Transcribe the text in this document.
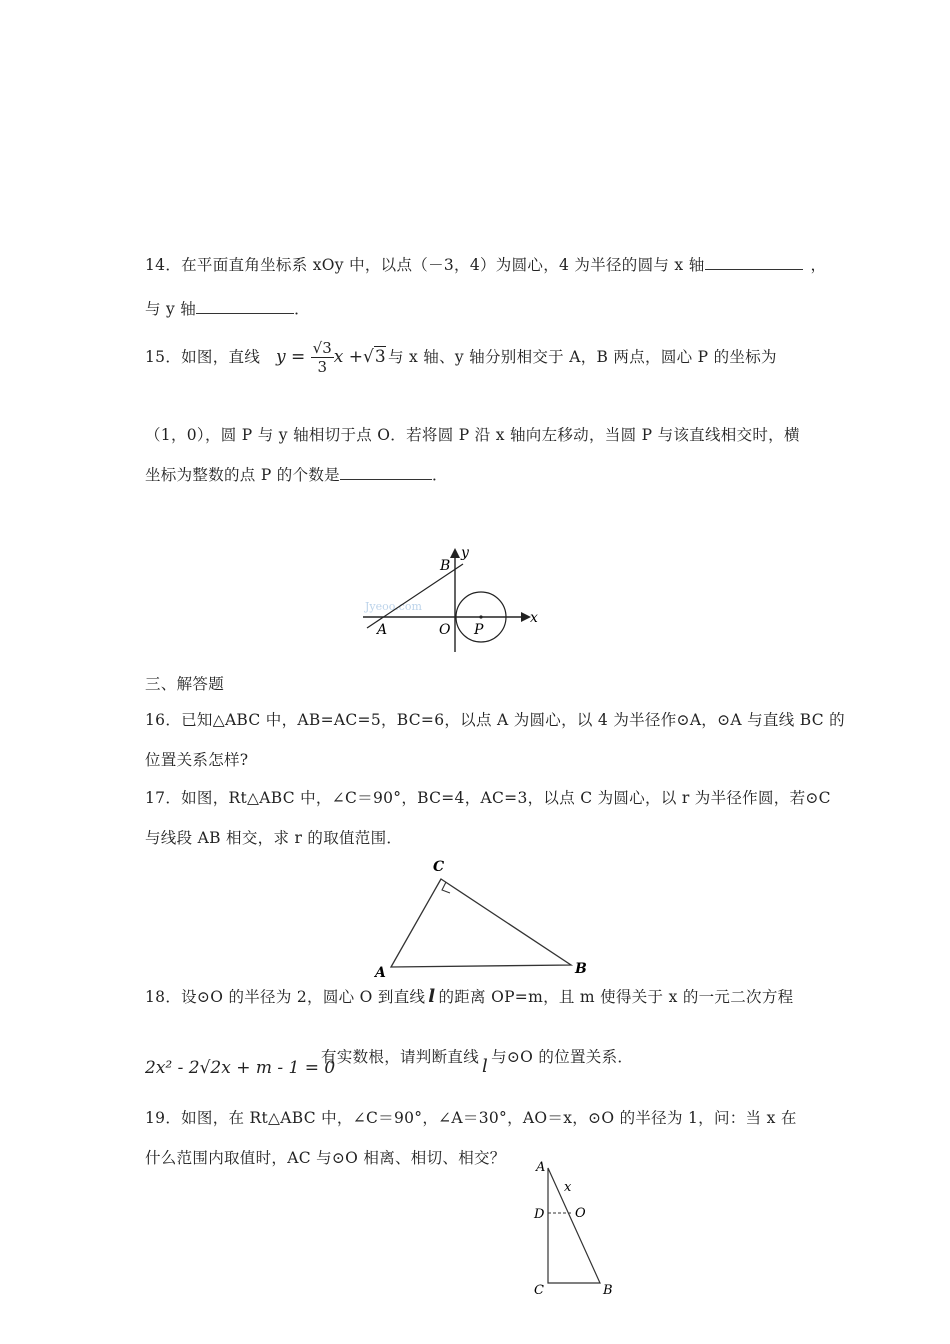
14．在平面直角坐标系 xOy 中，以点（－3，4）为圆心，4 为半径的圆与 x 轴	，
与 y 轴	．
15．如图，直线 $y = \frac{√3}{3}$ x +√3 与 x 轴、y 轴分别相交于 A，B 两点，圆心 P 的坐标为
（1，0），圆 P 与 y 轴相切于点 O．若将圆 P 沿 x 轴向左移动，当圆 P 与该直线相交时，横
坐标为整数的点 P 的个数是	．
Jyeoo.com
y
x
B
A	O P
三、解答题
16．已知△ABC 中，AB=AC=5，BC=6，以点 A 为圆心，以 4 为半径作⊙A，⊙A 与直线 BC 的
位置关系怎样?
17．如图，Rt△ABC 中，∠C＝90°，BC=4，AC=3，以点 C 为圆心，以 r 为半径作圆，若⊙C
与线段 AB 相交，求 r 的取值范围．
C
A	B
18．设⊙O 的半径为 2，圆心 O 到直线 l 的距离 OP=m，且 m 使得关于 x 的一元二次方程
2x² - 2√2x + m - 1 = 0
有实数根，请判断直线 l 与⊙O 的位置关系．
19．如图，在 Rt△ABC 中，∠C＝90°，∠A＝30°，AO＝x，⊙O 的半径为 1，问：当 x 在
什么范围内取值时，AC 与⊙O 相离、相切、相交？
A
x
D O
C	B
